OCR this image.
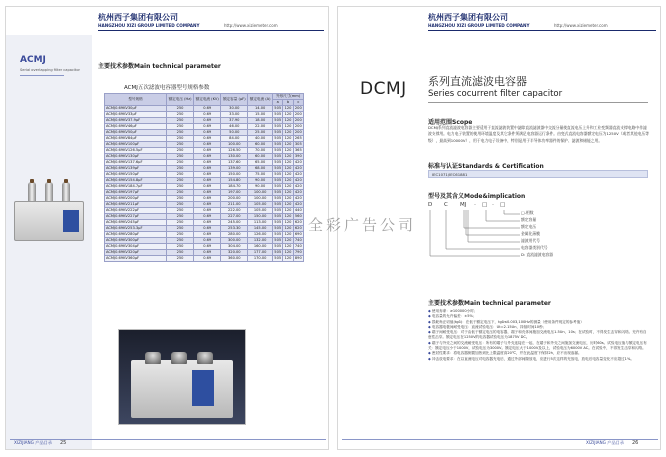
杭州西子集团有限公司
HANGZHOU XIZI GROUP LIMITED COMPANY	http://www.xiziemeter.com
ACMJ
Serial overlapping filter capacitor	主要技术参数Main technical parameter
ACMJ五次滤波电容器型号规格参数
型号规格	额定电压 (Hz)	额定电流 (KV)	额定容量 (μF)	额定电流 (A)	外形尺寸(mm)		
					a	b	c
ACMJ0.69KV30μF	250	0.69	30.00	14.00	505	120	200
ACMJ0.69KV33μF	250	0.69	33.00	15.00	505	120	200
ACMJ0.69KV37.9μF	250	0.69	37.90	18.00	505	120	200
ACMJ0.69KV46μF	250	0.69	46.00	22.00	505	120	200
ACMJ0.69KV50μF	250	0.69	50.00	25.00	505	120	200
ACMJ0.69KV84μF	250	0.69	84.00	40.00	505	120	265
ACMJ0.69KV100μF	250	0.69	100.00	60.00	505	120	305
ACMJ0.69KV126.5μF	250	0.69	126.50	70.00	505	120	365
ACMJ0.69KV130μF	250	0.69	130.00	60.00	505	120	390
ACMJ0.69KV137.6μF	250	0.69	137.60	65.00	505	120	420
ACMJ0.69KV139μF	250	0.69	139.00	68.00	505	120	420
ACMJ0.69KV150μF	250	0.69	150.00	75.00	505	120	420
ACMJ0.69KV154.8μF	250	0.69	154.80	90.00	505	120	420
ACMJ0.69KV184.7μF	250	0.69	184.70	90.00	505	120	420
ACMJ0.69KV197μF	250	0.69	197.00	100.00	505	120	420
ACMJ0.69KV200μF	250	0.69	200.00	100.00	505	120	420
ACMJ0.69KV211μF	250	0.69	211.00	105.00	505	120	420
ACMJ0.69KV222μF	250	0.69	222.00	105.00	505	120	440
ACMJ0.69KV227μF	250	0.69	227.00	150.00	505	120	560
ACMJ0.69KV245μF	250	0.69	245.00	113.00	505	120	620
ACMJ0.69KV253.3μF	250	0.69	253.30	145.00	505	120	620
ACMJ0.69KV280μF	250	0.69	280.00	126.00	505	120	690
ACMJ0.69KV300μF	250	0.69	300.00	132.00	505	120	740
ACMJ0.69KV304μF	250	0.69	304.00	160.00	505	120	740
ACMJ0.69KV320μF	250	0.69	320.00	177.00	505	120	790
ACMJ0.69KV360μF	250	0.69	360.00	170.00	505	120	890
XIZIJIANG 产品目录 25
杭州西子集团有限公司
HANGZHOU XIZI GROUP LIMITED COMPANY	http://www.xiziemeter.com
DCMJ 系列直流滤波电容器
Series cocurrent filter capacitor
适用范围Scope
DCMJ系列直流滤波电容器主要适用于直流滤波装置中滤除直流滤波器中交流分量使直流电压上升和工业变频器直流支撑电路中作滤波支撑用。电力电子装置的使用环境温度及其它条件须满足电容器运行条件。由变式直流电容器额定电压为1250V（或者其他电压等级），最高到10000V），用于电力电子设备中，特别是用于半导体功率器件的保护、滤波和储能之用。
标准与认证Standards & Certification
IEC1071/IEC61881
型号及其含义Mode&implication
D C MJ - □ - □
□-相数
额定容量
额定电压
金属化薄膜
滤波用代号
电容器类别代号
D: 直流滤波电容器
主要技术参数Main technical parameter
◆ 使用寿命：≥100000小时；
◆ 电容量的允许偏差：±5%；
◆ 损耗角正切值(tgδ)：在低于额定电压下，tgδ≤0.003,100Hz的测量（使用条件现定的参考值）
◆ 电容器电极间耐受电压：直流试验电压：Ut=2.15Un，持续时间10秒；
◆ 端子间耐受电压：对于由低于额定电压的电容器，端子和壳体间施加交流电压1.5Un，10s；在试验时，不得发生击穿和闪络。充许有自愈性击穿。额定电压在1250V的电容器试验电压为1875V DC。
◆ 端子与外壳之间的交流耐受电压：所有的端子与外壳连接在一起，在端子和外壳之间施加交流电压，历时60s。试验电压值与额定电压有关：额定电压小于1000V，试验电压为3000V。额定电压大于1000V及以上，试验电压为6000V AC。在试验中，不得发生击穿和闪络。
◆ 密封性要求：将电容器倒置加热到比上限温度高20℃，并在此温度下保持2h，应不出现渗漏。
◆ 冲击放电要求：在以直流电压对电容器充电后，通过外部间隙放电，应进行5次这样的充放电，放电后电容量变化不应超过1%。
XIZIJIANG 产品目录 26
全彩广告公司
